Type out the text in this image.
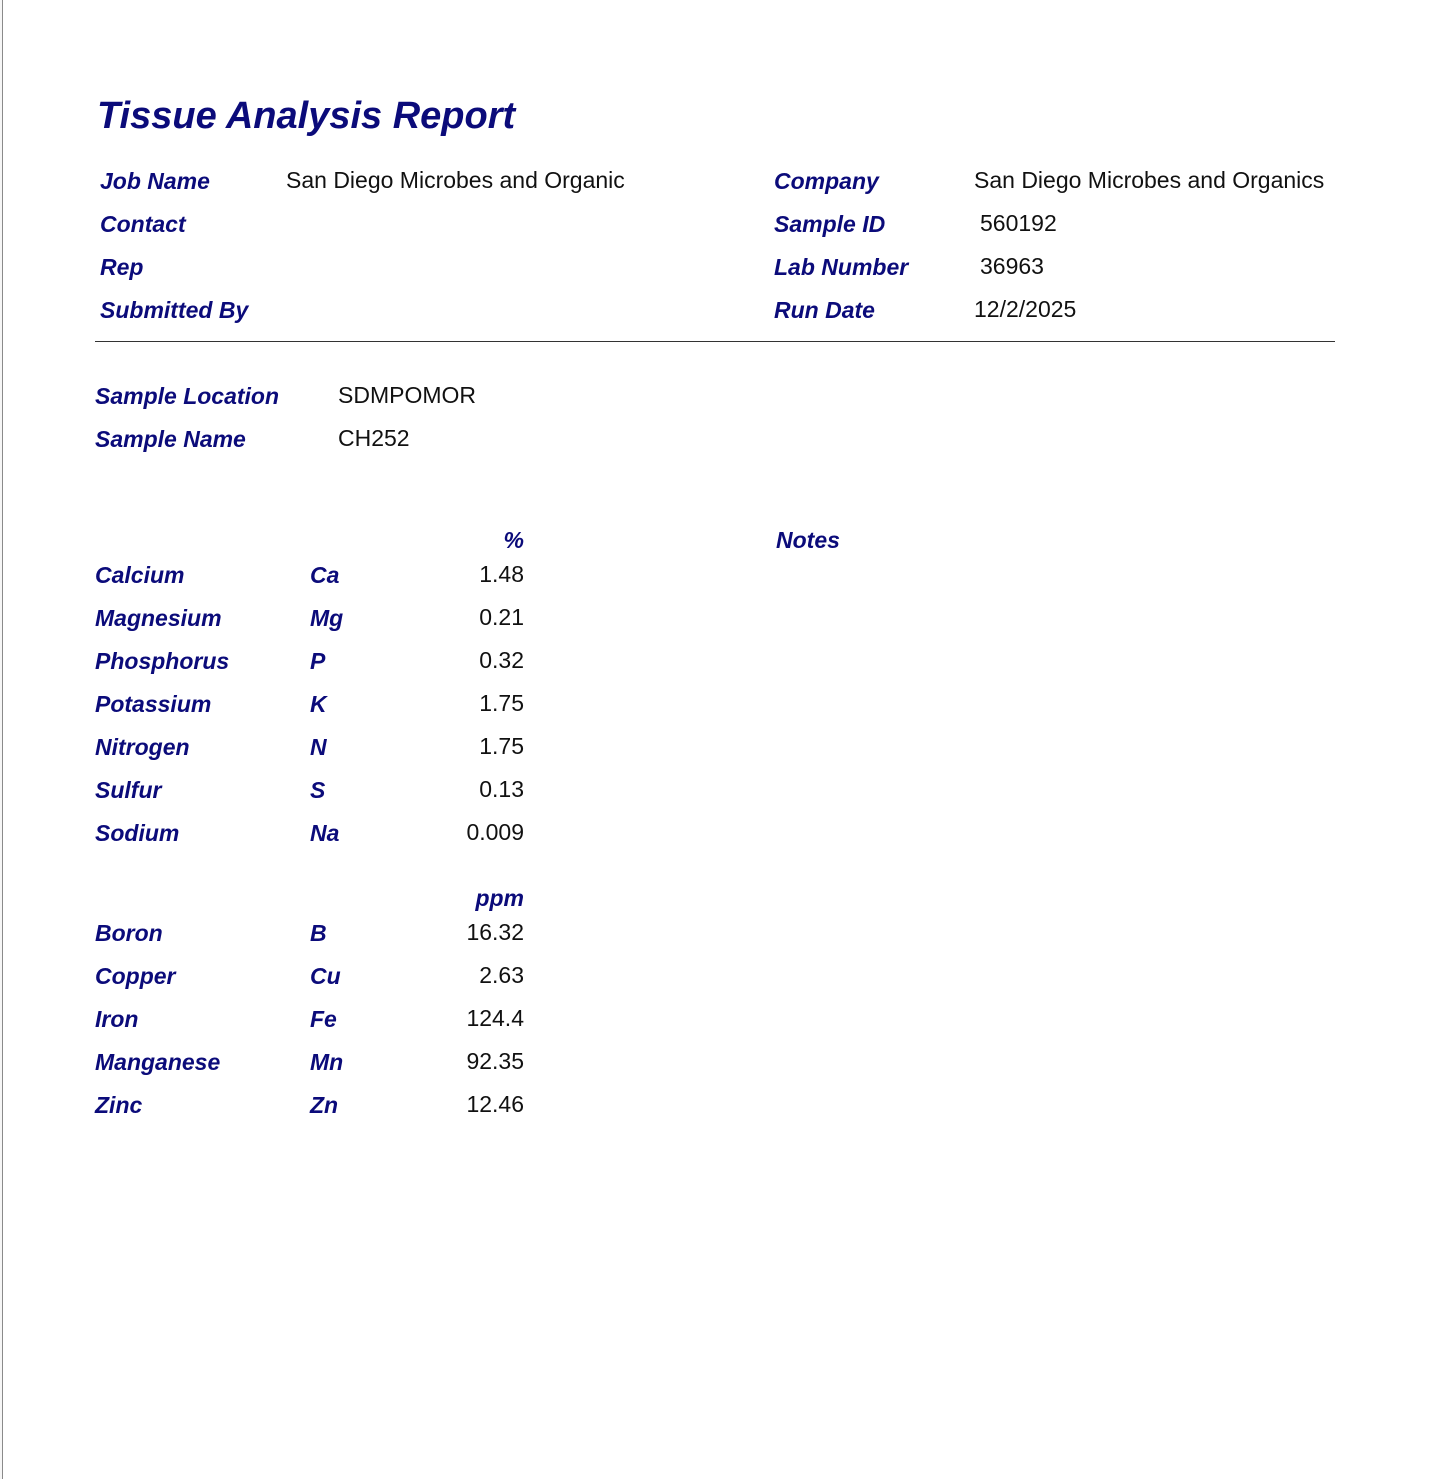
Tissue Analysis Report
Job Name	San Diego Microbes and Organic
Contact
Rep
Submitted By
Company	San Diego Microbes and Organics
Sample ID	560192
Lab Number	36963
Run Date	12/2/2025
Sample Location	SDMPOMOR
Sample Name	CH252
%	Notes
Calcium	Ca	1.48
Magnesium	Mg	0.21
Phosphorus	P	0.32
Potassium	K	1.75
Nitrogen	N	1.75
Sulfur	S	0.13
Sodium	Na	0.009
ppm
Boron	B	16.32
Copper	Cu	2.63
Iron	Fe	124.4
Manganese	Mn	92.35
Zinc	Zn	12.46
